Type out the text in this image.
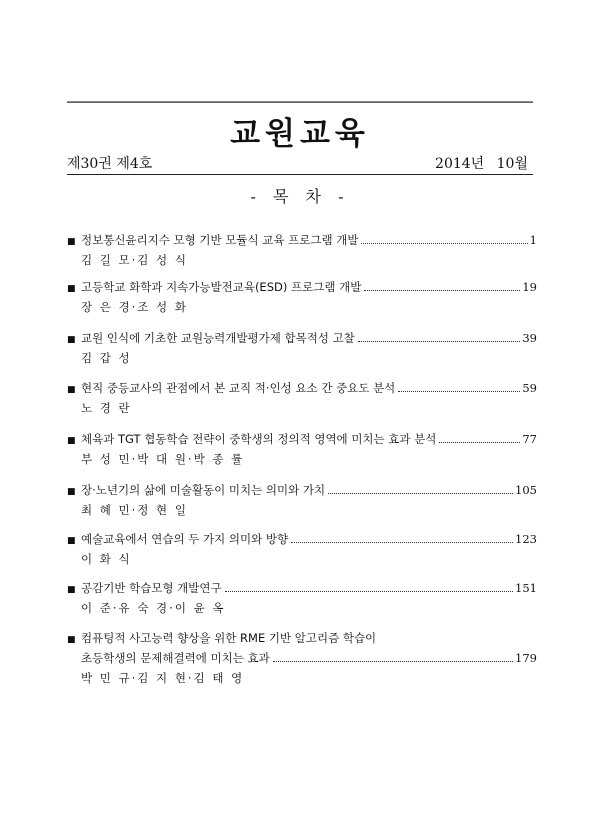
교원교육
제30권 제4호	2014년 10월
- 목 차 -
■ 정보통신윤리지수 모형 기반 모듈식 교육 프로그램 개발	1
김 길 모·김 성 식
■ 고등학교 화학과 지속가능발전교육(ESD) 프로그램 개발	19
장 은 경·조 성 화
■ 교원 인식에 기초한 교원능력개발평가제 합목적성 고찰	39
김 갑 성
■ 현직 중등교사의 관점에서 본 교직 적·인성 요소 간 중요도 분석	59
노 경 란
■ 체육과 TGT 협동학습 전략이 중학생의 정의적 영역에 미치는 효과 분석	77
부 성 민·박 대 원·박 종 률
■ 장·노년기의 삶에 미술활동이 미치는 의미와 가치	105
최 혜 민·정 현 일
■ 예술교육에서 연습의 두 가지 의미와 방향	123
이 화 식
■ 공감기반 학습모형 개발연구	151
이 준·유 숙 경·이 윤 옥
■ 컴퓨팅적 사고능력 향상을 위한 RME 기반 알고리즘 학습이
초등학생의 문제해결력에 미치는 효과	179
박 민 규·김 지 현·김 태 영
